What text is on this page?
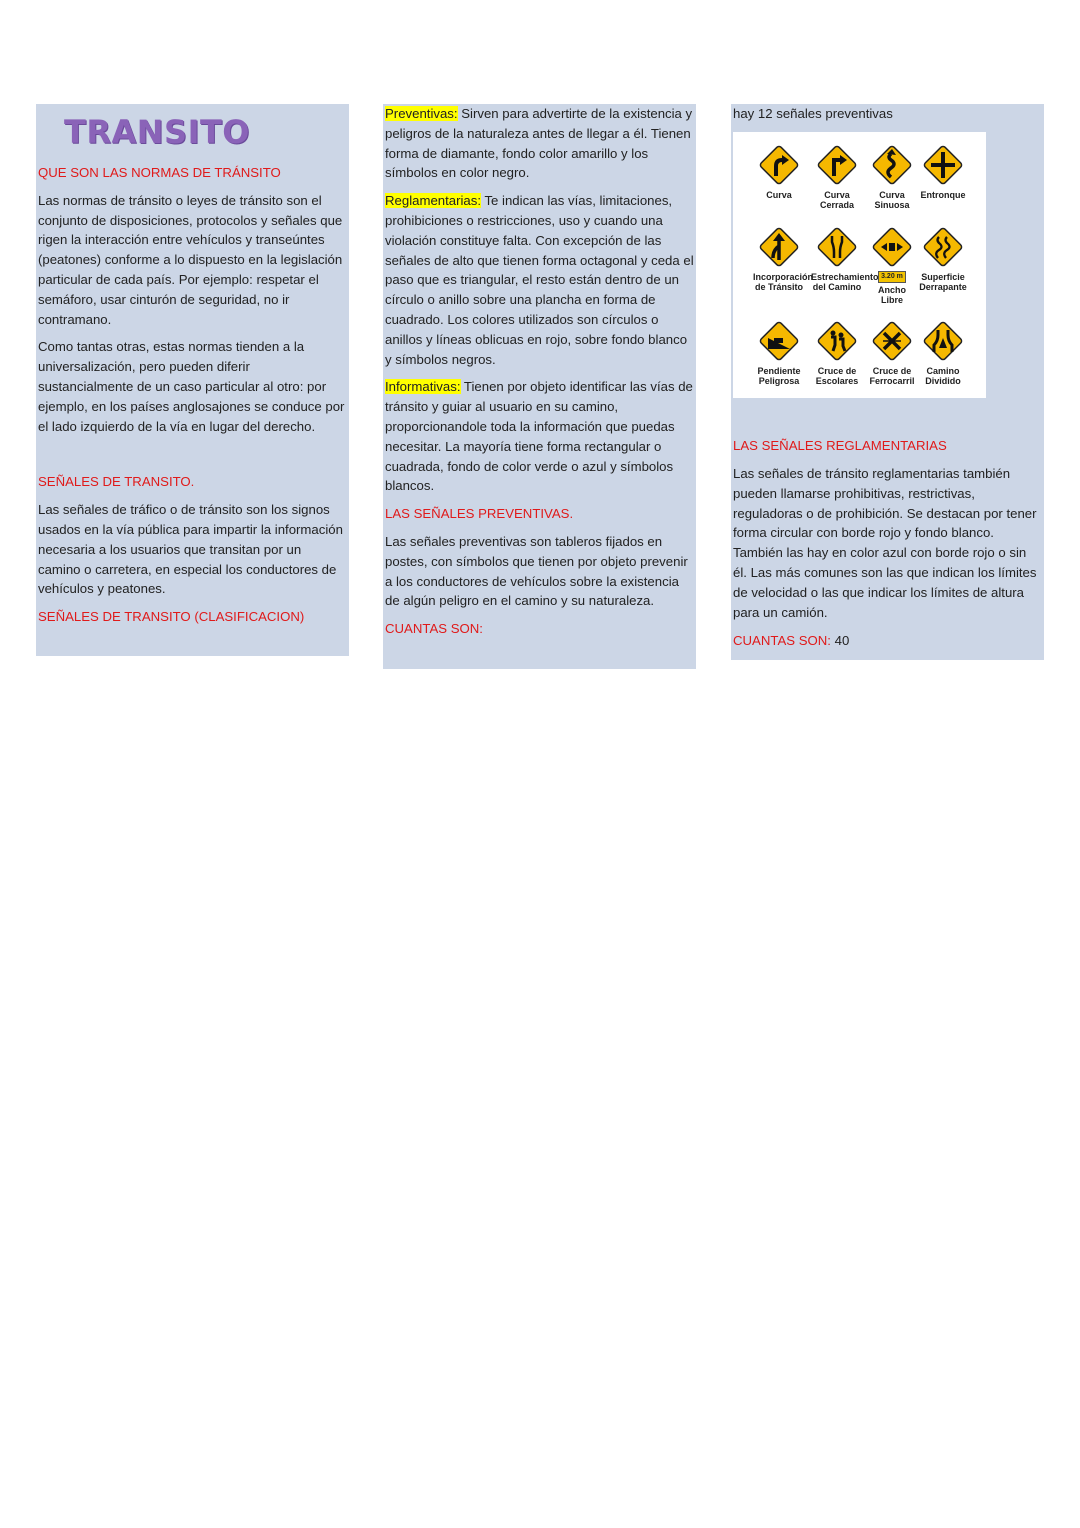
TRANSITO

QUE SON LAS NORMAS DE TRÁNSITO

Las normas de tránsito o leyes de tránsito son el conjunto de disposiciones, protocolos y señales que rigen la interacción entre vehículos y transeúntes (peatones) conforme a lo dispuesto en la legislación particular de cada país. Por ejemplo: respetar el semáforo, usar cinturón de seguridad, no ir contramano.

Como tantas otras, estas normas tienden a la universalización, pero pueden diferir sustancialmente de un caso particular al otro: por ejemplo, en los países anglosajones se conduce por el lado izquierdo de la vía en lugar del derecho.

SEÑALES DE TRANSITO.

Las señales de tráfico o de tránsito son los signos usados en la vía pública para impartir la información necesaria a los usuarios que transitan por un camino o carretera, en especial los conductores de vehículos y peatones.

SEÑALES DE TRANSITO (CLASIFICACION)

Preventivas: Sirven para advertirte de la existencia y peligros de la naturaleza antes de llegar a él. Tienen forma de diamante, fondo color amarillo y los símbolos en color negro.

Reglamentarias: Te indican las vías, limitaciones, prohibiciones o restricciones, uso y cuando una violación constituye falta. Con excepción de las señales de alto que tienen forma octagonal y ceda el paso que es triangular, el resto están dentro de un círculo o anillo sobre una plancha en forma de cuadrado. Los colores utilizados son círculos o anillos y líneas oblicuas en rojo, sobre fondo blanco y símbolos negros.

Informativas: Tienen por objeto identificar las vías de tránsito y guiar al usuario en su camino, proporcionandole toda la información que puedas necesitar. La mayoría tiene forma rectangular o cuadrada, fondo de color verde o azul y símbolos blancos.

LAS SEÑALES PREVENTIVAS.

Las señales preventivas son tableros fijados en postes, con símbolos que tienen por objeto prevenir a los conductores de vehículos sobre la existencia de algún peligro en el camino y su naturaleza.

CUANTAS SON:

hay 12 señales preventivas

Curva	Curva Cerrada
Curva Sinuosa
Entronque
Incorporación de Tránsito
Estrechamiento del Camino
3.20 m
Ancho Libre
Superficie Derrapante
Pendiente Peligrosa
Cruce de Escolares
Cruce de Ferrocarril
Camino Dividido

LAS SEÑALES REGLAMENTARIAS

Las señales de tránsito reglamentarias también pueden llamarse prohibitivas, restrictivas, reguladoras o de prohibición. Se destacan por tener forma circular con borde rojo y fondo blanco. También las hay en color azul con borde rojo o sin él. Las más comunes son las que indican los límites de velocidad o las que indicar los límites de altura para un camión.

CUANTAS SON: 40
